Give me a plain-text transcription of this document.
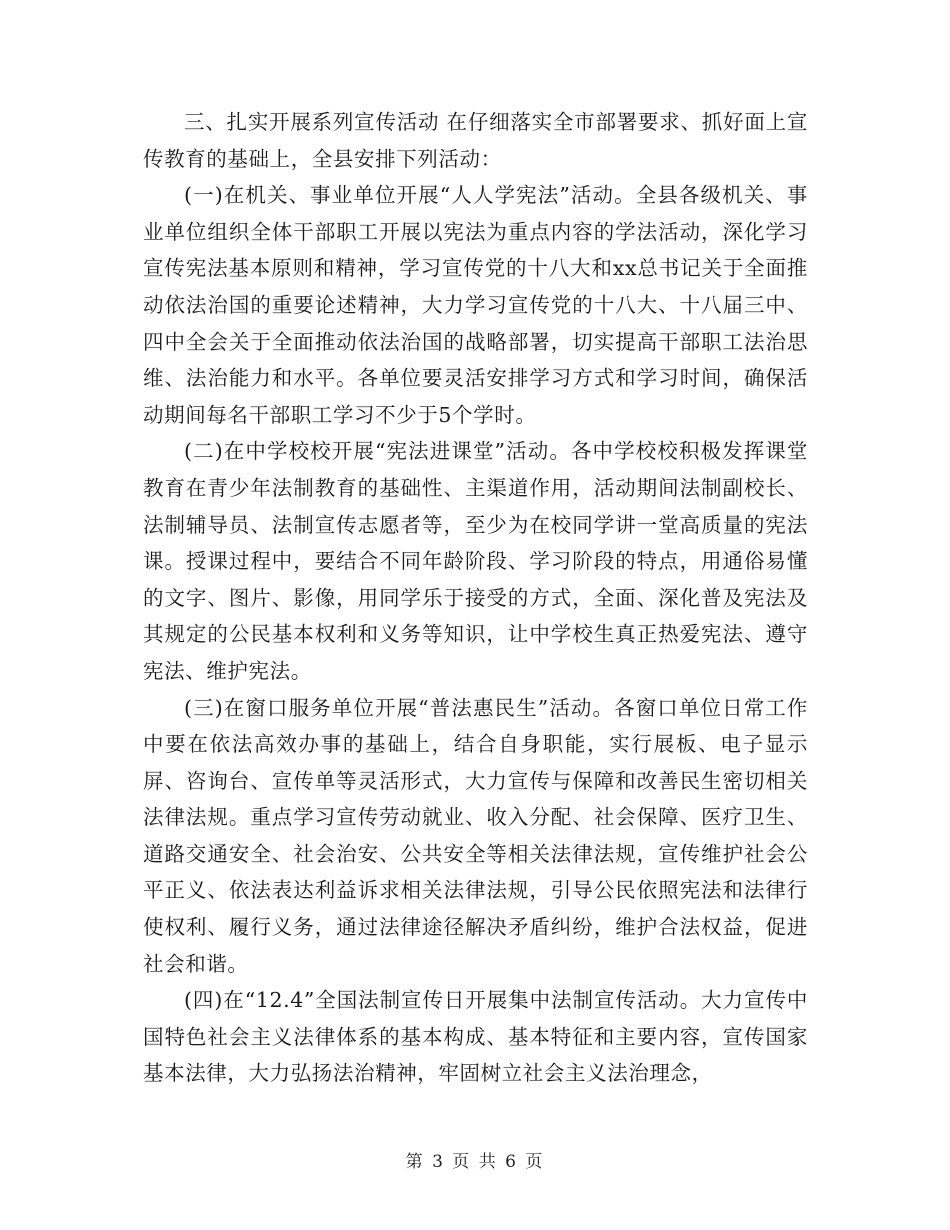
三、扎实开展系列宣传活动 在仔细落实全市部署要求、抓好面上宣传教育的基础上，全县安排下列活动：

(一)在机关、事业单位开展“人人学宪法”活动。全县各级机关、事业单位组织全体干部职工开展以宪法为重点内容的学法活动，深化学习宣传宪法基本原则和精神，学习宣传党的十八大和xx总书记关于全面推动依法治国的重要论述精神，大力学习宣传党的十八大、十八届三中、四中全会关于全面推动依法治国的战略部署，切实提高干部职工法治思维、法治能力和水平。各单位要灵活安排学习方式和学习时间，确保活动期间每名干部职工学习不少于5个学时。

(二)在中学校校开展“宪法进课堂”活动。各中学校校积极发挥课堂教育在青少年法制教育的基础性、主渠道作用，活动期间法制副校长、法制辅导员、法制宣传志愿者等，至少为在校同学讲一堂高质量的宪法课。授课过程中，要结合不同年龄阶段、学习阶段的特点，用通俗易懂的文字、图片、影像，用同学乐于接受的方式，全面、深化普及宪法及其规定的公民基本权利和义务等知识，让中学校生真正热爱宪法、遵守宪法、维护宪法。

(三)在窗口服务单位开展“普法惠民生”活动。各窗口单位日常工作中要在依法高效办事的基础上，结合自身职能，实行展板、电子显示屏、咨询台、宣传单等灵活形式，大力宣传与保障和改善民生密切相关法律法规。重点学习宣传劳动就业、收入分配、社会保障、医疗卫生、道路交通安全、社会治安、公共安全等相关法律法规，宣传维护社会公平正义、依法表达利益诉求相关法律法规，引导公民依照宪法和法律行使权利、履行义务，通过法律途径解决矛盾纠纷，维护合法权益，促进社会和谐。

(四)在“12.4”全国法制宣传日开展集中法制宣传活动。大力宣传中国特色社会主义法律体系的基本构成、基本特征和主要内容，宣传国家基本法律，大力弘扬法治精神，牢固树立社会主义法治理念，

第 3 页 共 6 页
